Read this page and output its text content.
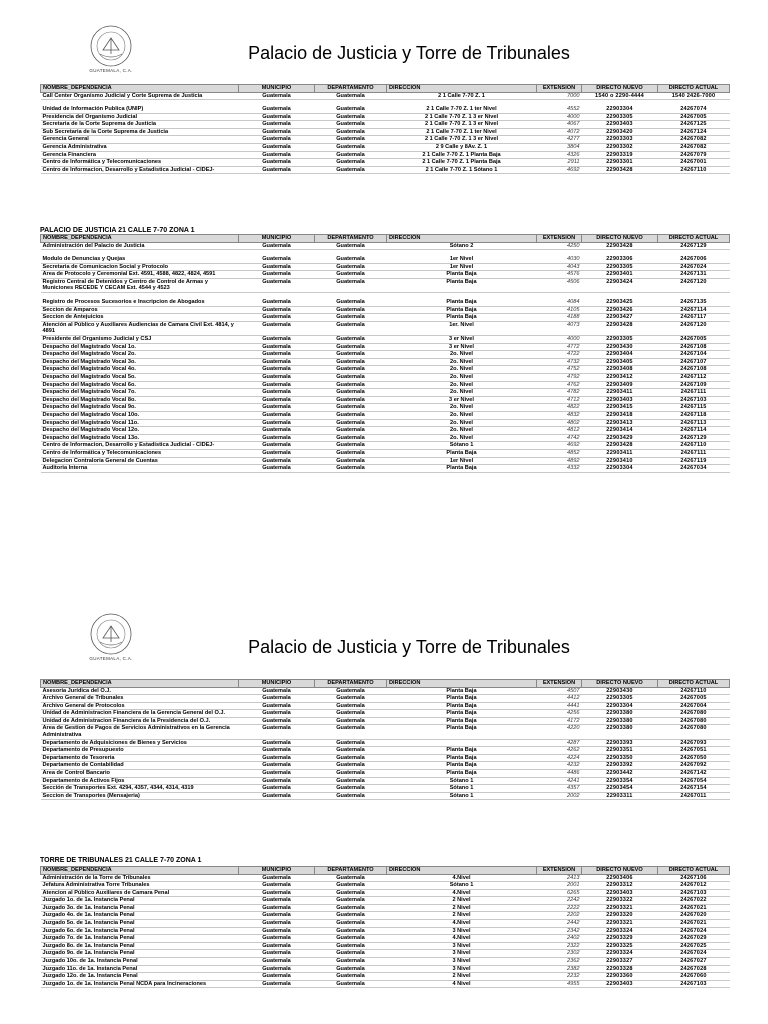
GUATEMALA, C.A.
Palacio de Justicia y Torre de Tribunales
NOMBRE_DEPENDENCIA	MUNICIPIO	DEPARTAMENTO	DIRECCION	EXTENSION	DIRECTO NUEVO	DIRECTO ACTUAL
Call Center Organismo Judicial y Corte Suprema de Justicia	Guatemala	Guatemala	2 1 Calle 7-70 Z. 1	7000	1540 o 2290-4444	1540 2426-7000

Unidad de Información Publica (UNIP)	Guatemala	Guatemala	2 1 Calle 7-70 Z. 1 ter Nivel	4552	22903304	24267074
Presidencia del Organismo Judicial	Guatemala	Guatemala	2 1 Calle 7-70 Z. 1 3 er Nivel	4000	22903305	24267005
Secretaria de la Corte Suprema de Justicia	Guatemala	Guatemala	2 1 Calle 7-70 Z. 1 3 er Nivel	4067	22903403	24267125
Sub Secretaria de la Corte Suprema de Justicia	Guatemala	Guatemala	2 1 Calle 7-70 Z. 1 ter Nivel	4072	22903420	24267124
Gerencia General	Guatemala	Guatemala	2 1 Calle 7-70 Z. 1 3 er Nivel	4277	22903303	24267082
Gerencia Administrativa	Guatemala	Guatemala	2 9 Calle y 8Av. Z. 1	3804	22903302	24267082
Gerencia Financiera	Guatemala	Guatemala	2 1 Calle 7-70 Z. 1 Planta Baja	4326	22903319	24267079
Centro de Informática y Telecomunicaciones	Guatemala	Guatemala	2 1 Calle 7-70 Z. 1 Planta Baja	2911	22903301	24267001
Centro de Informacion, Desarrollo y Estadistica Judicial - CIDEJ-	Guatemala	Guatemala	2 1 Calle 7-70 Z. 1 Sótano 1	4692	22903428	24267110
PALACIO DE JUSTICIA 21 CALLE 7-70 ZONA 1
NOMBRE_DEPENDENCIA	MUNICIPIO	DEPARTAMENTO	DIRECCION	EXTENSION	DIRECTO NUEVO	DIRECTO ACTUAL
Administración del Palacio de Justicia	Guatemala	Guatemala	Sótano 2	4250	22903428	24267129

Modulo de Denuncias y Quejas	Guatemala	Guatemala	1er Nivel	4030	22903306	24267006
Secretaria de Comunicacion Social y Protocolo	Guatemala	Guatemala	1er Nivel	4043	22903305	24267024
Area de Protocolo y Ceremonial Ext. 4591, 4588, 4822, 4824, 4591	Guatemala	Guatemala	Planta Baja	4576	22903401	24267131
Registro Central de Detenidos y Centro de Control de Armas y Municiones RECEDE Y CECAM Ext. 4544 y 4523	Guatemala	Guatemala	Planta Baja	4506	22903424	24267120

Registro de Procesos Sucesorios e Inscripcion de Abogados	Guatemala	Guatemala	Planta Baja	4084	22903425	24267135
Seccion de Amparos	Guatemala	Guatemala	Planta Baja	4105	22903426	24267114
Seccion de Antejuicios	Guatemala	Guatemala	Planta Baja	4188	22903427	24267117
Atención al Público y Auxiliares Audiencias de Camara Civil Ext. 4814, y 4891	Guatemala	Guatemala	1er. Nivel	4073	22903428	24267120
Presidente del Organismo Judicial y CSJ	Guatemala	Guatemala	3 er Nivel	4000	22903305	24267005
Despacho del Magistrado Vocal 1o.	Guatemala	Guatemala	3 er Nivel	4772	22903430	24267108
Despacho del Magistrado Vocal 2o.	Guatemala	Guatemala	2o. Nivel	4722	22903404	24267104
Despacho del Magistrado Vocal 3o.	Guatemala	Guatemala	2o. Nivel	4732	22903405	24267107
Despacho del Magistrado Vocal 4o.	Guatemala	Guatemala	2o. Nivel	4752	22903408	24267108
Despacho del Magistrado Vocal 5o.	Guatemala	Guatemala	2o. Nivel	4792	22903412	24267112
Despacho del Magistrado Vocal 6o.	Guatemala	Guatemala	2o. Nivel	4762	22903409	24267109
Despacho del Magistrado Vocal 7o.	Guatemala	Guatemala	2o. Nivel	4782	22903411	24267111
Despacho del Magistrado Vocal 8o.	Guatemala	Guatemala	3 er Nivel	4712	22903403	24267103
Despacho del Magistrado Vocal 9o.	Guatemala	Guatemala	2o. Nivel	4822	22903415	24267115
Despacho del Magistrado Vocal 10o.	Guatemala	Guatemala	2o. Nivel	4832	22903418	24267118
Despacho del Magistrado Vocal 11o.	Guatemala	Guatemala	2o. Nivel	4802	22903413	24267113
Despacho del Magistrado Vocal 12o.	Guatemala	Guatemala	2o. Nivel	4812	22903414	24267114
Despacho del Magistrado Vocal 13o.	Guatemala	Guatemala	2o. Nivel	4742	22903429	24267129
Centro de Informacion, Desarrollo y Estadistica Judicial - CIDEJ-	Guatemala	Guatemala	Sótano 1	4692	22903428	24267110
Centro de Informática y Telecomunicaciones	Guatemala	Guatemala	Planta Baja	4852	22903411	24267111
Delegacion Contraloria General de Cuentas	Guatemala	Guatemala	1er Nivel	4892	22903410	24267119
Auditoria Interna	Guatemala	Guatemala	Planta Baja	4332	22903304	24267034
GUATEMALA, C.A.
Palacio de Justicia y Torre de Tribunales
NOMBRE_DEPENDENCIA	MUNICIPIO	DEPARTAMENTO	DIRECCION	EXTENSION	DIRECTO NUEVO	DIRECTO ACTUAL
Asesoria Jurídica del O.J.	Guatemala	Guatemala	Planta Baja	4507	22903430	24267110
Archivo General de Tribunales	Guatemala	Guatemala	Planta Baja	4412	22903305	24267005
Archivo General de Protocolos	Guatemala	Guatemala	Planta Baja	4441	22903304	24267004
Unidad de Administracion Financiera de la Gerencia General del O.J.	Guatemala	Guatemala	Planta Baja	4256	22903380	24267080
Unidad de Administracion Financiera de la Presidencia del O.J.	Guatemala	Guatemala	Planta Baja	4172	22903380	24267080
Area de Gestion de Pagos de Servicios Administrativos en la Gerencia Administrativa	Guatemala	Guatemala	Planta Baja	4220	22903380	24267080
Departamento de Adquisiciones de Bienes y Servicios	Guatemala	Guatemala		4287	22903393	24267093
Departamento de Presupuesto	Guatemala	Guatemala	Planta Baja	4262	22903351	24267051
Departamento de Tesoreria	Guatemala	Guatemala	Planta Baja	4224	22903350	24267050
Departamento de Contabilidad	Guatemala	Guatemala	Planta Baja	4232	22903392	24267092
Area de Control Bancario	Guatemala	Guatemala	Planta Baja	4486	22903442	24267142
Departamento de Activos Fijos	Guatemala	Guatemala	Sótano 1	4241	22903354	24267054
Sección de Transportes Ext. 4294, 4357, 4344, 4314, 4319	Guatemala	Guatemala	Sótano 1	4357	22903454	24267154
Seccion de Transportes (Mensajeria)	Guatemala	Guatemala	Sótano 1	2002	22903311	24267011
TORRE DE TRIBUNALES 21 CALLE 7-70 ZONA 1
NOMBRE_DEPENDENCIA	MUNICIPIO	DEPARTAMENTO	DIRECCION	EXTENSION	DIRECTO NUEVO	DIRECTO ACTUAL
Administración de la Torre de Tribunales	Guatemala	Guatemala	4.Nivel	2413	22903406	24267106
Jefatura Administrativa Torre Tribunales	Guatemala	Guatemala	Sótano 1	2001	22903312	24267012
Atencion al Público Auxiliares de Camara Penal	Guatemala	Guatemala	4.Nivel	6265	22903403	24267103
Juzgado 1o. de 1a. Instancia Penal	Guatemala	Guatemala	2 Nivel	2242	22903322	24267022
Juzgado 3o. de 1a. Instancia Penal	Guatemala	Guatemala	2 Nivel	2222	22903321	24267021
Juzgado 4o. de 1a. Instancia Penal	Guatemala	Guatemala	2 Nivel	2202	22903320	24267020
Juzgado 5o. de 1a. Instancia Penal	Guatemala	Guatemala	4.Nivel	2442	22903321	24267021
Juzgado 6o. de 1a. Instancia Penal	Guatemala	Guatemala	3 Nivel	2342	22903324	24267024
Juzgado 7o. de 1a. Instancia Penal	Guatemala	Guatemala	4.Nivel	2402	22903329	24267029
Juzgado 8o. de 1a. Instancia Penal	Guatemala	Guatemala	3 Nivel	2322	22903325	24267025
Juzgado 9o. de 1a. Instancia Penal	Guatemala	Guatemala	3 Nivel	2302	22903324	24267024
Juzgado 10o. de 1a. Instancia Penal	Guatemala	Guatemala	3 Nivel	2362	22903327	24267027
Juzgado 11o. de 1a. Instancia Penal	Guatemala	Guatemala	3 Nivel	2382	22903328	24267028
Juzgado 12o. de 1a. Instancia Penal	Guatemala	Guatemala	2 Nivel	2232	22903360	24267060
Juzgado 1o. de 1a. Instancia Penal NCDA para Incineraciones	Guatemala	Guatemala	4 Nivel	4955	22903403	24267103
